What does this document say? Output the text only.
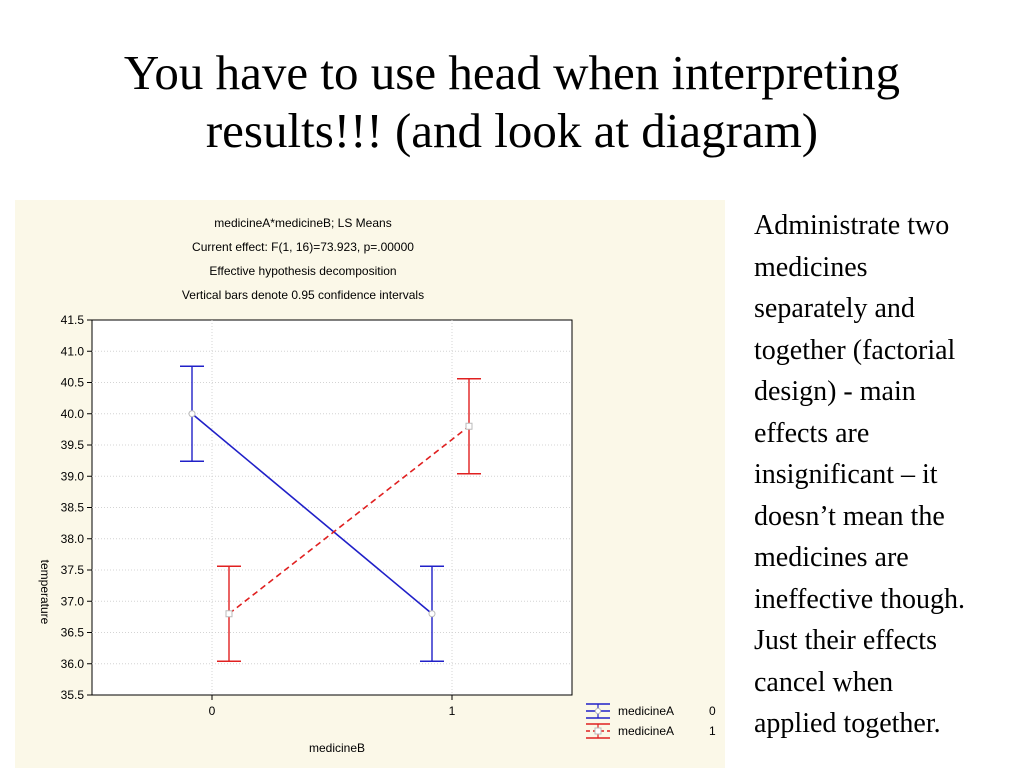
You have to use head when interpreting
results!!! (and look at diagram)
medicineA*medicineB; LS Means
Current effect: F(1, 16)=73.923, p=.00000
Effective hypothesis decomposition
Vertical bars denote 0.95 confidence intervals
35.5
36.0
36.5
37.0
37.5
38.0
38.5
39.0
39.5
40.0
40.5
41.0
41.5
0	1
medicineB
temperature
medicineA	0
medicineA	1
Administrate two
medicines
separately and
together (factorial
design) - main
effects are
insignificant – it
doesn’t mean the
medicines are
ineffective though.
Just their effects
cancel when
applied together.
